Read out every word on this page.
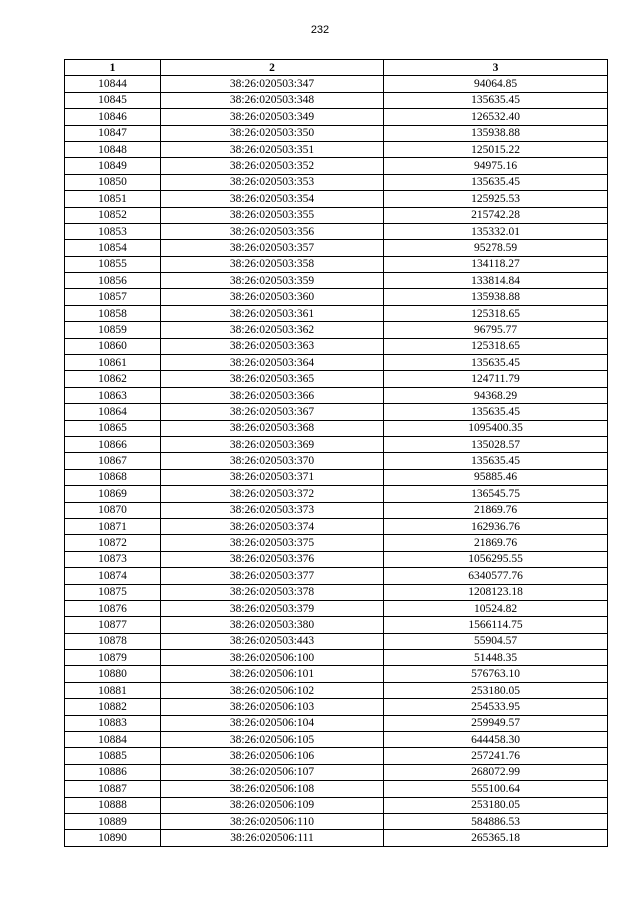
232
1	2	3
10844	38:26:020503:347	94064.85
10845	38:26:020503:348	135635.45
10846	38:26:020503:349	126532.40
10847	38:26:020503:350	135938.88
10848	38:26:020503:351	125015.22
10849	38:26:020503:352	94975.16
10850	38:26:020503:353	135635.45
10851	38:26:020503:354	125925.53
10852	38:26:020503:355	215742.28
10853	38:26:020503:356	135332.01
10854	38:26:020503:357	95278.59
10855	38:26:020503:358	134118.27
10856	38:26:020503:359	133814.84
10857	38:26:020503:360	135938.88
10858	38:26:020503:361	125318.65
10859	38:26:020503:362	96795.77
10860	38:26:020503:363	125318.65
10861	38:26:020503:364	135635.45
10862	38:26:020503:365	124711.79
10863	38:26:020503:366	94368.29
10864	38:26:020503:367	135635.45
10865	38:26:020503:368	1095400.35
10866	38:26:020503:369	135028.57
10867	38:26:020503:370	135635.45
10868	38:26:020503:371	95885.46
10869	38:26:020503:372	136545.75
10870	38:26:020503:373	21869.76
10871	38:26:020503:374	162936.76
10872	38:26:020503:375	21869.76
10873	38:26:020503:376	1056295.55
10874	38:26:020503:377	6340577.76
10875	38:26:020503:378	1208123.18
10876	38:26:020503:379	10524.82
10877	38:26:020503:380	1566114.75
10878	38:26:020503:443	55904.57
10879	38:26:020506:100	51448.35
10880	38:26:020506:101	576763.10
10881	38:26:020506:102	253180.05
10882	38:26:020506:103	254533.95
10883	38:26:020506:104	259949.57
10884	38:26:020506:105	644458.30
10885	38:26:020506:106	257241.76
10886	38:26:020506:107	268072.99
10887	38:26:020506:108	555100.64
10888	38:26:020506:109	253180.05
10889	38:26:020506:110	584886.53
10890	38:26:020506:111	265365.18
